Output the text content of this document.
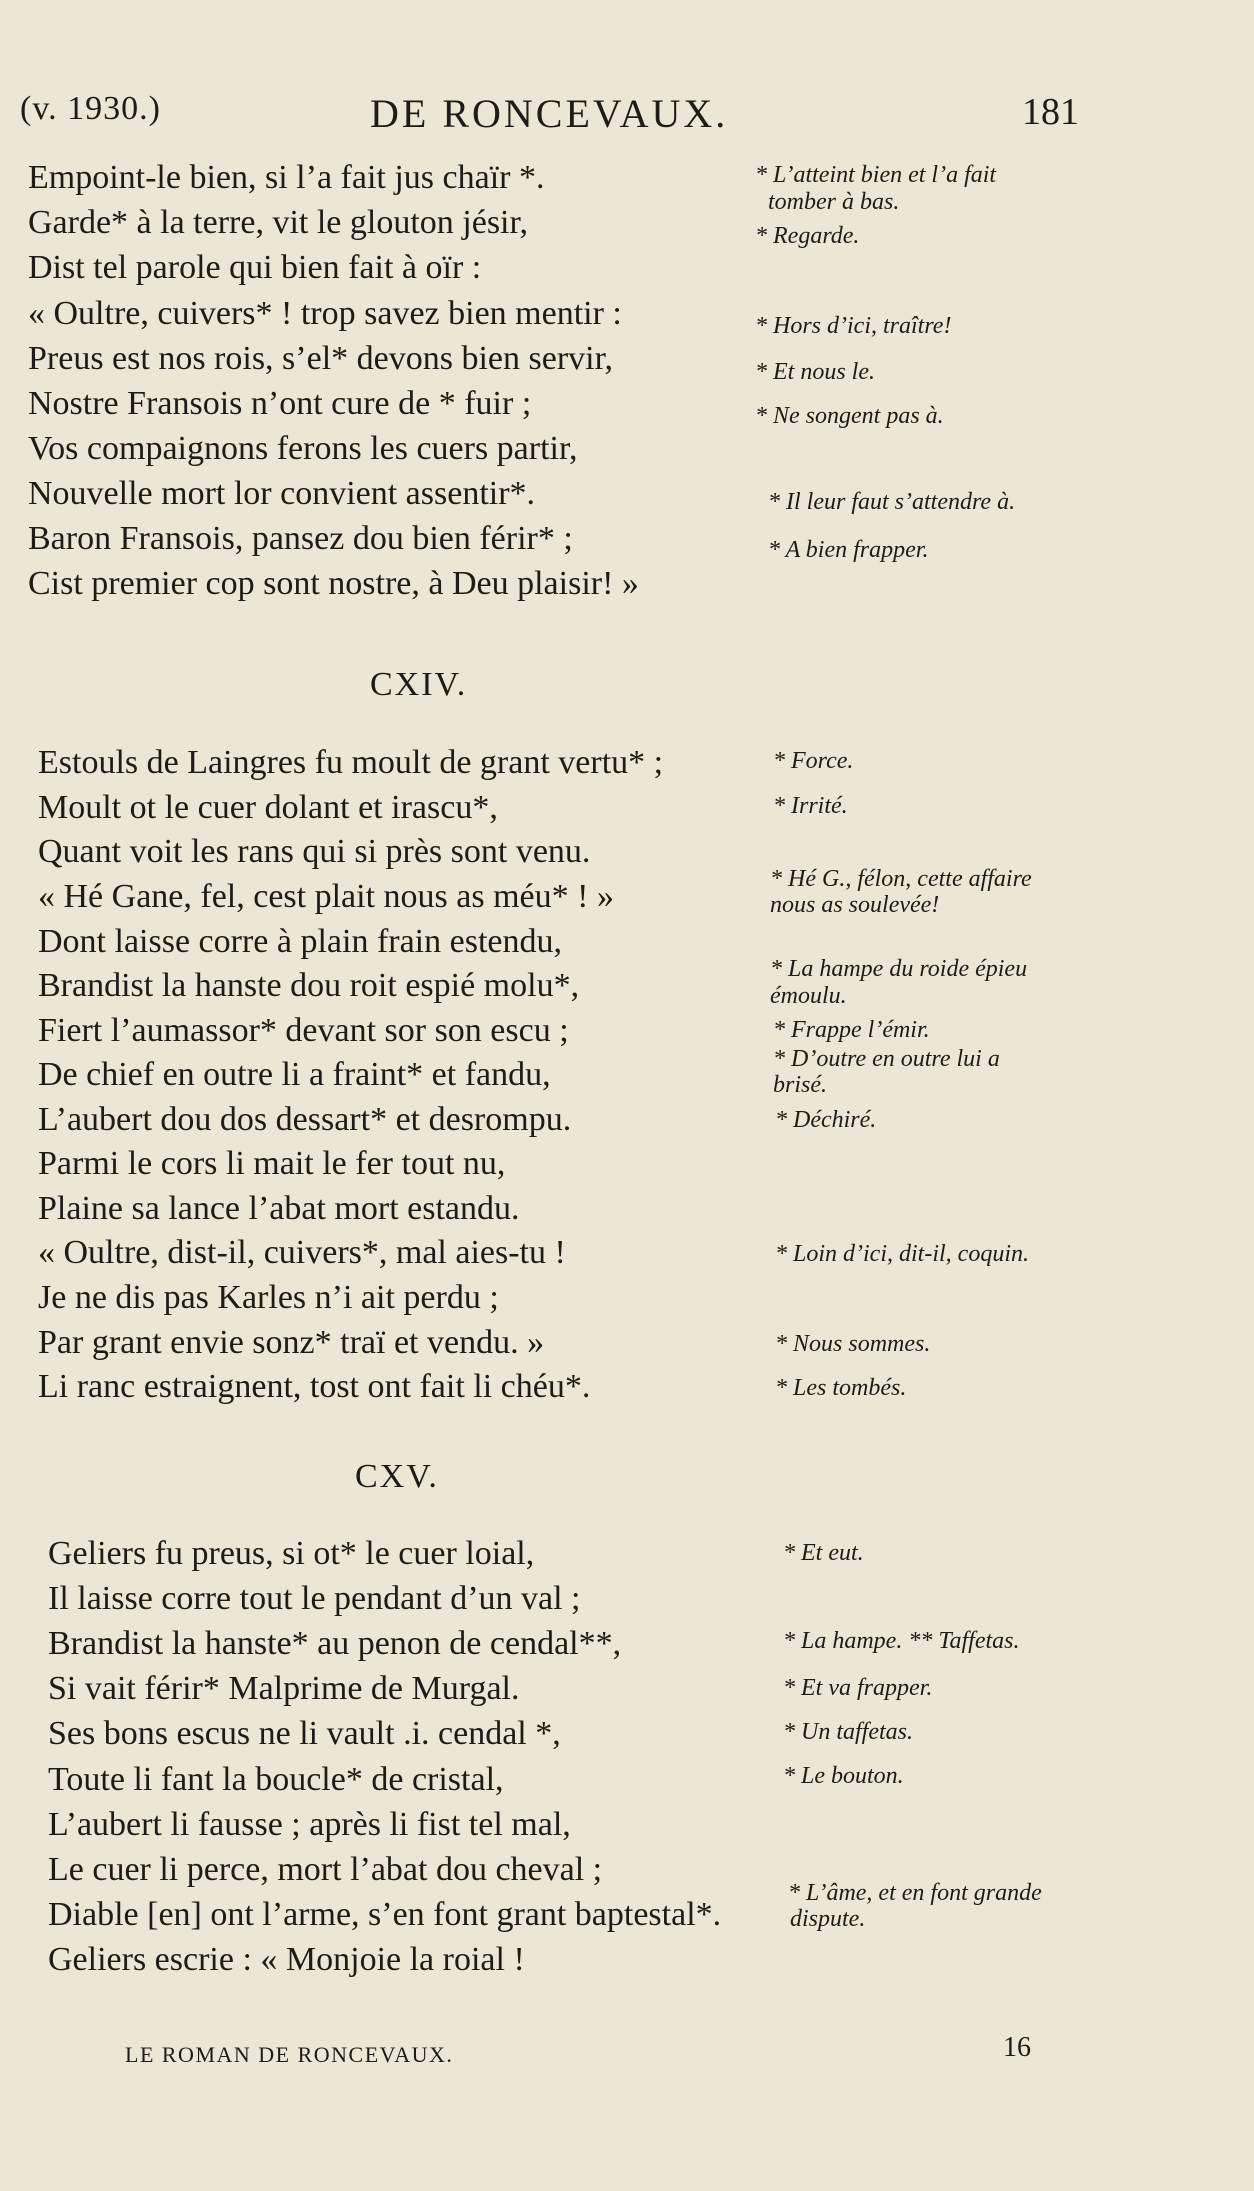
(v. 1930.)	DE RONCEVAUX.	181
Empoint-le bien, si l’a fait jus chaïr *.
Garde* à la terre, vit le glouton jésir,
Dist tel parole qui bien fait à oïr :
« Oultre, cuivers* ! trop savez bien mentir :
Preus est nos rois, s’el* devons bien servir,
Nostre Fransois n’ont cure de * fuir ;
Vos compaignons ferons les cuers partir,
Nouvelle mort lor convient assentir*.
Baron Fransois, pansez dou bien férir* ;
Cist premier cop sont nostre, à Deu plaisir! »
* L’atteint bien et l’a fait
tomber à bas.
* Regarde.
* Hors d’ici, traître!
* Et nous le.
* Ne songent pas à.
* Il leur faut s’attendre à.
* A bien frapper.
CXIV.
Estouls de Laingres fu moult de grant vertu* ;
Moult ot le cuer dolant et irascu*,
Quant voit les rans qui si près sont venu.
« Hé Gane, fel, cest plait nous as méu* ! »
Dont laisse corre à plain frain estendu,
Brandist la hanste dou roit espié molu*,
Fiert l’aumassor* devant sor son escu ;
De chief en outre li a fraint* et fandu,
L’aubert dou dos dessart* et desrompu.
Parmi le cors li mait le fer tout nu,
Plaine sa lance l’abat mort estandu.
« Oultre, dist-il, cuivers*, mal aies-tu !
Je ne dis pas Karles n’i ait perdu ;
Par grant envie sonz* traï et vendu. »
Li ranc estraignent, tost ont fait li chéu*.
* Force.
* Irrité.
* Hé G., félon, cette affaire
nous as soulevée!
* La hampe du roide épieu
émoulu.
* Frappe l’émir.
* D’outre en outre lui a
brisé.
* Déchiré.
* Loin d’ici, dit-il, coquin.
* Nous sommes.
* Les tombés.
CXV.
Geliers fu preus, si ot* le cuer loial,
Il laisse corre tout le pendant d’un val ;
Brandist la hanste* au penon de cendal**,
Si vait férir* Malprime de Murgal.
Ses bons escus ne li vault .i. cendal *,
Toute li fant la boucle* de cristal,
L’aubert li fausse ; après li fist tel mal,
Le cuer li perce, mort l’abat dou cheval ;
Diable [en] ont l’arme, s’en font grant baptestal*.
Geliers escrie : « Monjoie la roial !
* Et eut.
* La hampe. ** Taffetas.
* Et va frapper.
* Un taffetas.
* Le bouton.
* L’âme, et en font grande
dispute.
LE ROMAN DE RONCEVAUX.	16
